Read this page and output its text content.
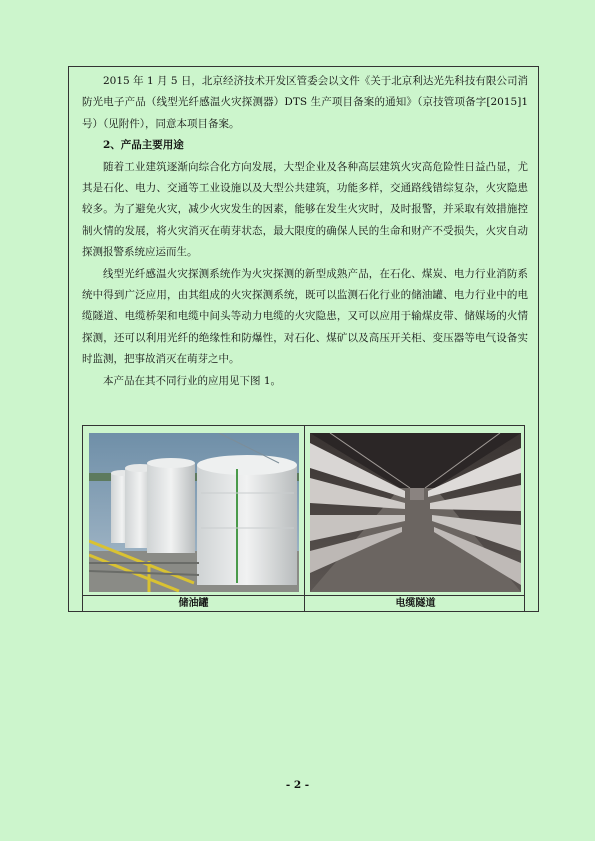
2015 年 1 月 5 日，北京经济技术开发区管委会以文件《关于北京利达光先科技有限公司消防光电子产品（线型光纤感温火灾探测器）DTS 生产项目备案的通知》（京技管项备字[2015]1 号）（见附件），同意本项目备案。

2、产品主要用途

随着工业建筑逐渐向综合化方向发展，大型企业及各种高层建筑火灾高危险性日益凸显，尤其是石化、电力、交通等工业设施以及大型公共建筑，功能多样，交通路线错综复杂，火灾隐患较多。为了避免火灾，减少火灾发生的因素，能够在发生火灾时，及时报警，并采取有效措施控制火情的发展，将火灾消灭在萌芽状态，最大限度的确保人民的生命和财产不受损失，火灾自动探测报警系统应运而生。

线型光纤感温火灾探测系统作为火灾探测的新型成熟产品，在石化、煤炭、电力行业消防系统中得到广泛应用，由其组成的火灾探测系统，既可以监测石化行业的储油罐、电力行业中的电缆隧道、电缆桥架和电缆中间头等动力电缆的火灾隐患，又可以应用于输煤皮带、储媒场的火情探测，还可以利用光纤的绝缘性和防爆性，对石化、煤矿以及高压开关柜、变压器等电气设备实时监测，把事故消灭在萌芽之中。

本产品在其不同行业的应用见下图 1。

储油罐	电缆隧道
- 2 -
